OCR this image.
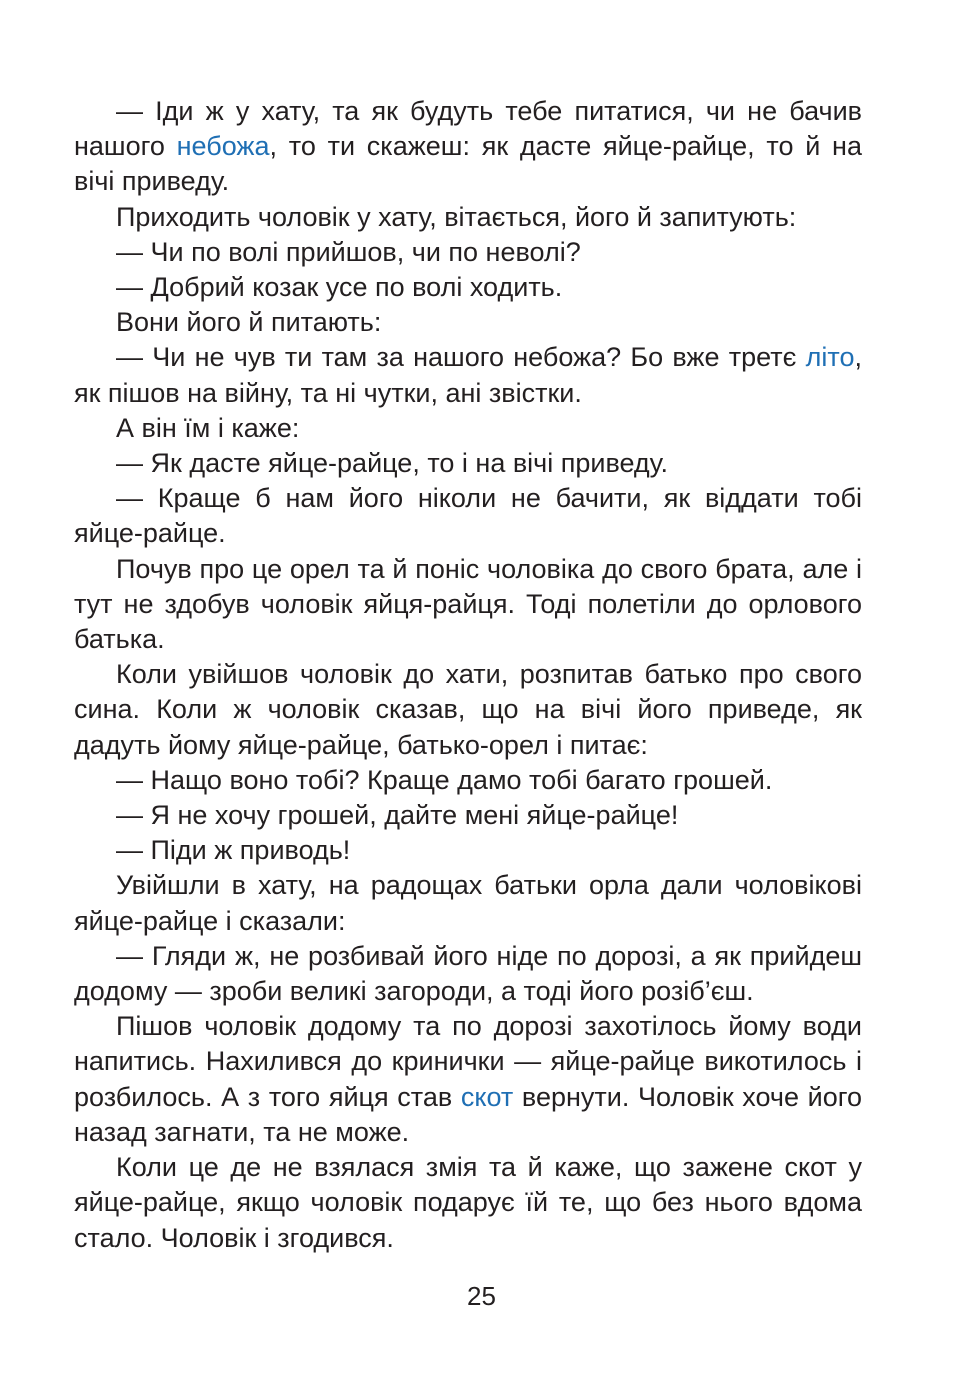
— Іди ж у хату, та як будуть тебе питатися, чи не бачив нашого небожа, то ти скажеш: як дасте яйце-райце, то й на вічі приведу.

Приходить чоловік у хату, вітається, його й запитують:

— Чи по волі прийшов, чи по неволі?

— Добрий козак усе по волі ходить.

Вони його й питають:

— Чи не чув ти там за нашого небожа? Бо вже третє літо, як пішов на війну, та ні чутки, ані звістки.

А він їм і каже:

— Як дасте яйце-райце, то і на вічі приведу.

— Краще б нам його ніколи не бачити, як віддати тобі яйце-райце.

Почув про це орел та й поніс чоловіка до свого брата, але і тут не здобув чоловік яйця-райця. Тоді полетіли до орлового батька.

Коли увійшов чоловік до хати, розпитав батько про свого сина. Коли ж чоловік сказав, що на вічі його приведе, як дадуть йому яйце-райце, батько-орел і питає:

— Нащо воно тобі? Краще дамо тобі багато грошей.

— Я не хочу грошей, дайте мені яйце-райце!

— Піди ж приводь!

Увійшли в хату, на радощах батьки орла дали чоловікові яйце-райце і сказали:

— Гляди ж, не розбивай його ніде по дорозі, а як прийдеш додому — зроби великі загороди, а тоді його розіб’єш.

Пішов чоловік додому та по дорозі захотілось йому води напитись. Нахилився до кринички — яйце-райце викотилось і розбилось. А з того яйця став скот вернути. Чоловік хоче його назад загнати, та не може.

Коли це де не взялася змія та й каже, що зажене скот у яйце-райце, якщо чоловік подарує їй те, що без нього вдома стало. Чоловік і згодився.

25
